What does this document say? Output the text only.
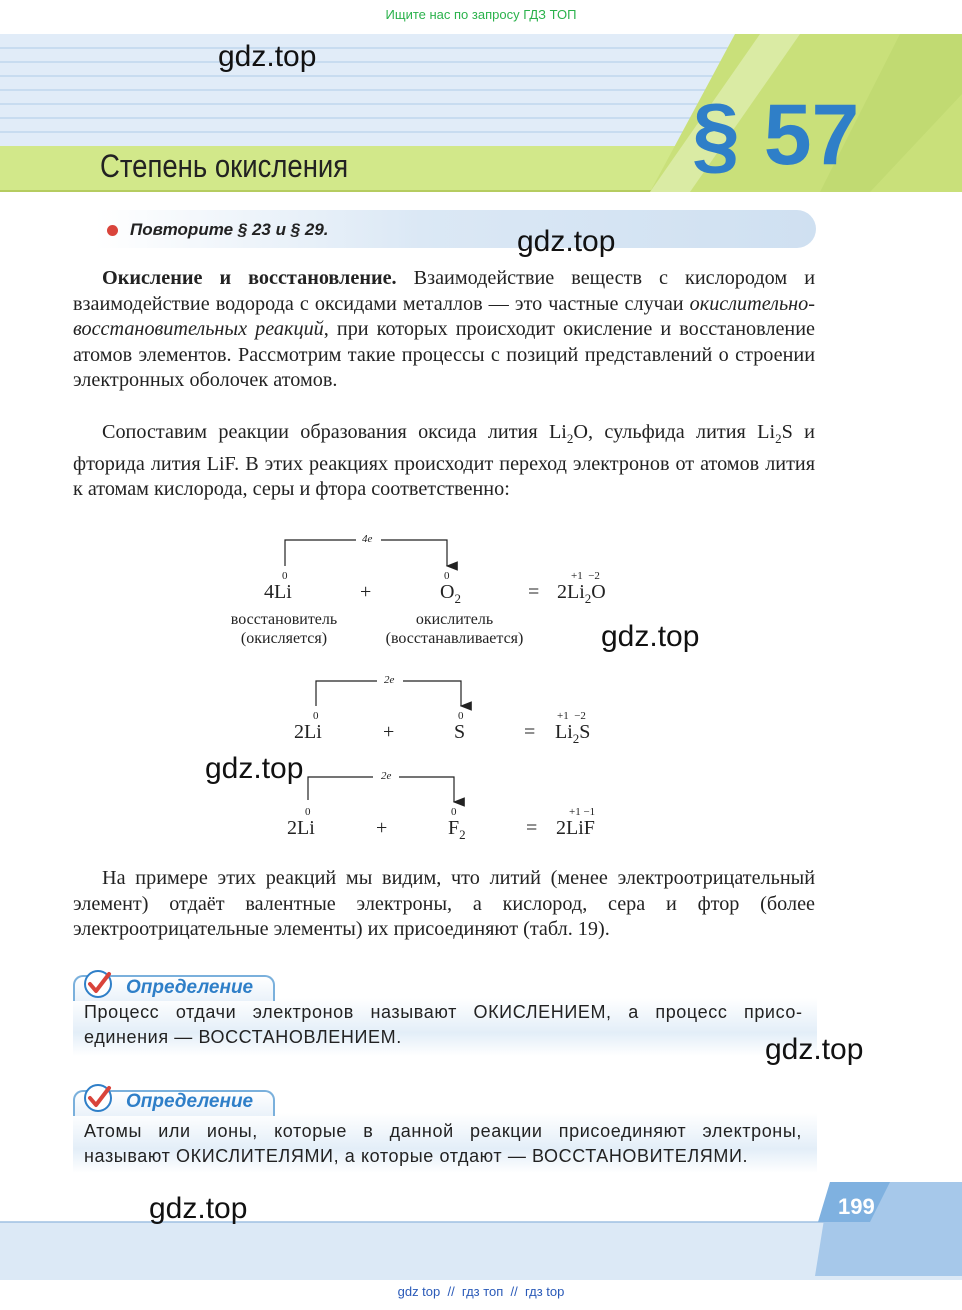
Ищите нас по запросу ГДЗ ТОП
Степень окисления	§ 57
gdz.top
Повторите § 23 и § 29.	gdz.top
Окисление и восстановление. Взаимодействие веществ с кислородом и взаимодействие водорода с оксидами металлов — это частные случаи окислительно-восстановительных реакций, при которых происходит окисление и восстановление атомов элементов. Рассмотрим такие процессы с позиций представлений о строении электронных оболочек атомов.
Сопоставим реакции образования оксида лития $Li_2O$, сульфида лития $Li_2S$ и фторида лития LiF. В этих реакциях происходит переход электронов от атомов лития к атомам кислорода, серы и фтора соответственно:
4e
0	0	+1  −2
4Li	+	$O_2$	= $2Li_2O$
восстановитель
(окисляется)
окислитель
(восстанавливается)	gdz.top
2e
0	0	+1  −2
2Li	+	S	= $Li_2S$
gdz.top	2e
0	0	+1 −1
2Li	+	$F_2$	= 2LiF
На примере этих реакций мы видим, что литий (менее электроотрицательный элемент) отдаёт валентные электроны, а кислород, сера и фтор (более электроотрицательные элементы) их присоединяют (табл. 19).
Определение
Процесс отдачи электронов называют ОКИСЛЕНИЕМ, а процесс присоединения — ВОССТАНОВЛЕНИЕМ.	gdz.top
Определение
Атомы или ионы, которые в данной реакции присоединяют электроны, называют ОКИСЛИТЕЛЯМИ, а которые отдают — ВОССТАНОВИТЕЛЯМИ.
199
gdz.top
gdz top  //  гдз топ  //  гдз top
